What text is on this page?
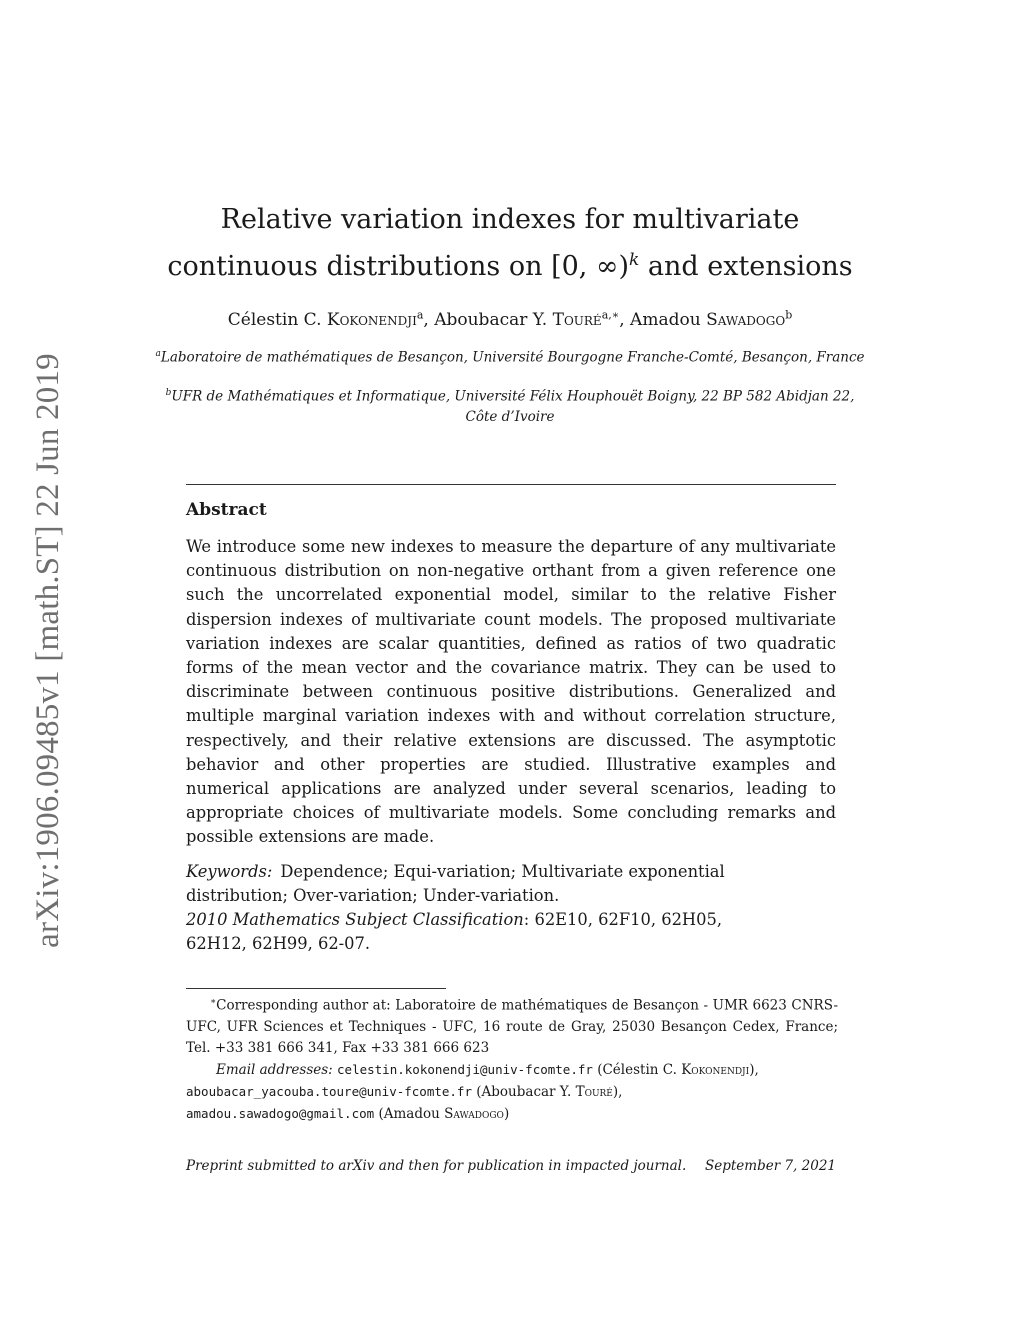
arXiv:1906.09485v1 [math.ST] 22 Jun 2019
Relative variation indexes for multivariate
continuous distributions on [0, ∞)$^k$ and extensions
Célestin C. Kokonendji$^a$, Aboubacar Y. Touré$^{a,∗}$, Amadou Sawadogo$^b$
$^a$Laboratoire de mathématiques de Besançon, Université Bourgogne Franche-Comté, Besançon, France
$^b$UFR de Mathématiques et Informatique, Université Félix Houphouët Boigny, 22 BP 582 Abidjan 22, Côte d’Ivoire
Abstract

We introduce some new indexes to measure the departure of any multivariate continuous distribution on non-negative orthant from a given reference one such the uncorrelated exponential model, similar to the relative Fisher dispersion indexes of multivariate count models. The proposed multivariate variation indexes are scalar quantities, defined as ratios of two quadratic forms of the mean vector and the covariance matrix. They can be used to discriminate between continuous positive distributions. Generalized and multiple marginal variation indexes with and without correlation structure, respectively, and their relative extensions are discussed. The asymptotic behavior and other properties are studied. Illustrative examples and numerical applications are analyzed under several scenarios, leading to appropriate choices of multivariate models. Some concluding remarks and possible extensions are made.

Keywords: Dependence; Equi-variation; Multivariate exponential distribution; Over-variation; Under-variation.
2010 Mathematics Subject Classification: 62E10, 62F10, 62H05, 62H12, 62H99, 62-07.
∗Corresponding author at: Laboratoire de mathématiques de Besançon - UMR 6623 CNRS-UFC, UFR Sciences et Techniques - UFC, 16 route de Gray, 25030 Besançon Cedex, France; Tel. +33 381 666 341, Fax +33 381 666 623
Email addresses: celestin.kokonendji@univ-fcomte.fr (Célestin C. Kokonendji),
aboubacar_yacouba.toure@univ-fcomte.fr (Aboubacar Y. Touré),
amadou.sawadogo@gmail.com (Amadou Sawadogo)
Preprint submitted to arXiv and then for publication in impacted journal. September 7, 2021
